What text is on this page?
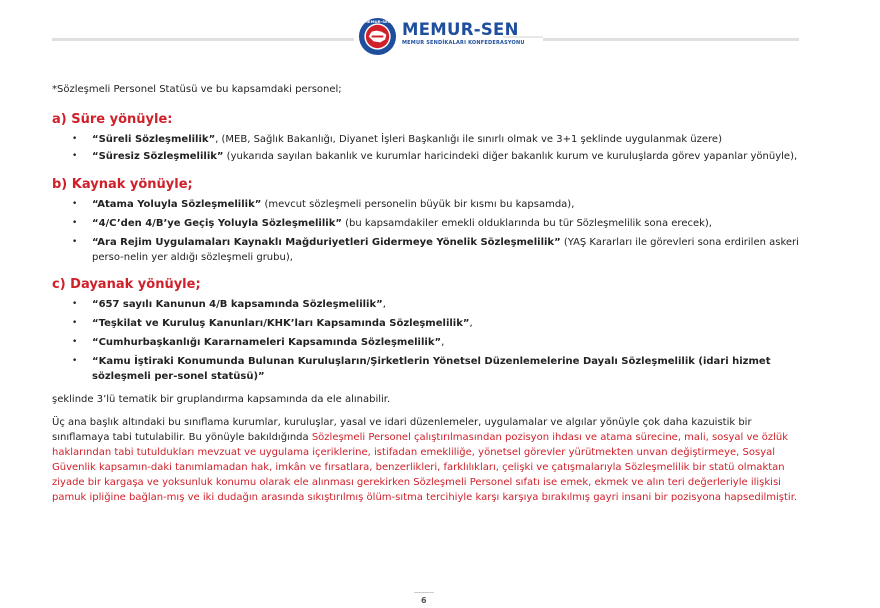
MEMUR-SEN MEMUR-SEN
MEMUR SENDİKALARI KONFEDERASYONU

*Sözleşmeli Personel Statüsü ve bu kapsamdaki personel;

a) Süre yönüyle:

• “Süreli Sözleşmelilik”, (MEB, Sağlık Bakanlığı, Diyanet İşleri Başkanlığı ile sınırlı olmak ve 3+1 şeklinde uygulanmak üzere)
• “Süresiz Sözleşmelilik” (yukarıda sayılan bakanlık ve kurumlar haricindeki diğer bakanlık kurum ve kuruluşlarda görev yapanlar yönüyle),

b) Kaynak yönüyle;

• “Atama Yoluyla Sözleşmelilik” (mevcut sözleşmeli personelin büyük bir kısmı bu kapsamda),
• “4/C’den 4/B’ye Geçiş Yoluyla Sözleşmelilik” (bu kapsamdakiler emekli olduklarında bu tür Sözleşmelilik sona erecek),
• “Ara Rejim Uygulamaları Kaynaklı Mağduriyetleri Gidermeye Yönelik Sözleşmelilik” (YAŞ Kararları ile görevleri sona erdirilen askeri perso-nelin yer aldığı sözleşmeli grubu),

c) Dayanak yönüyle;

• “657 sayılı Kanunun 4/B kapsamında Sözleşmelilik”,
• “Teşkilat ve Kuruluş Kanunları/KHK’ları Kapsamında Sözleşmelilik”,
• “Cumhurbaşkanlığı Kararnameleri Kapsamında Sözleşmelilik”,
• “Kamu İştiraki Konumunda Bulunan Kuruluşların/Şirketlerin Yönetsel Düzenlemelerine Dayalı Sözleşmelilik (idari hizmet sözleşmeli per-sonel statüsü)”

şeklinde 3’lü tematik bir gruplandırma kapsamında da ele alınabilir.

Üç ana başlık altındaki bu sınıflama kurumlar, kuruluşlar, yasal ve idari düzenlemeler, uygulamalar ve algılar yönüyle çok daha kazuistik bir sınıflamaya tabi tutulabilir. Bu yönüyle bakıldığında Sözleşmeli Personel çalıştırılmasından pozisyon ihdası ve atama sürecine, mali, sosyal ve özlük haklarından tabi tutuldukları mevzuat ve uygulama içeriklerine, istifadan emekliliğe, yönetsel görevler yürütmekten unvan değiştirmeye, Sosyal Güvenlik kapsamın-daki tanımlamadan hak, imkân ve fırsatlara, benzerlikleri, farklılıkları, çelişki ve çatışmalarıyla Sözleşmelilik bir statü olmaktan ziyade bir kargaşa ve yoksunluk konumu olarak ele alınması gerekirken Sözleşmeli Personel sıfatı ise emek, ekmek ve alın teri değerleriyle ilişkisi pamuk ipliğine bağlan-mış ve iki dudağın arasında sıkıştırılmış ölüm-sıtma tercihiyle karşı karşıya bırakılmış gayri insani bir pozisyona hapsedilmiştir.

6
